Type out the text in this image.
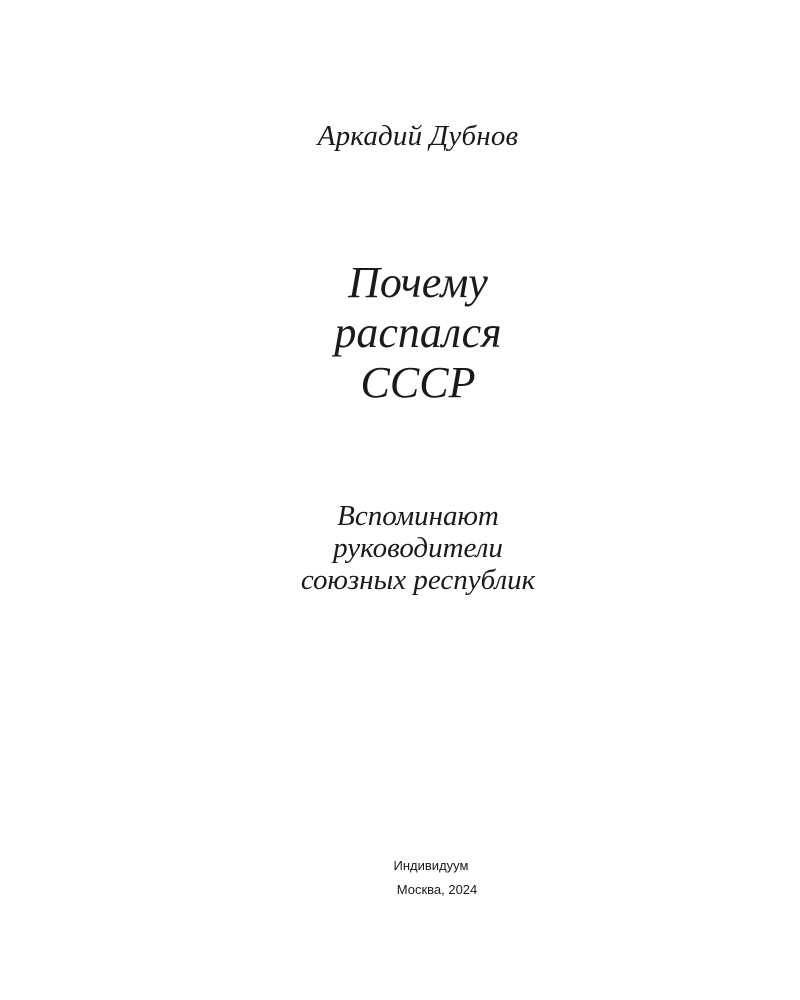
Аркадий Дубнов
Почему
распался
СССР
Вспоминают
руководители
союзных республик
Индивидуум
Москва, 2024
